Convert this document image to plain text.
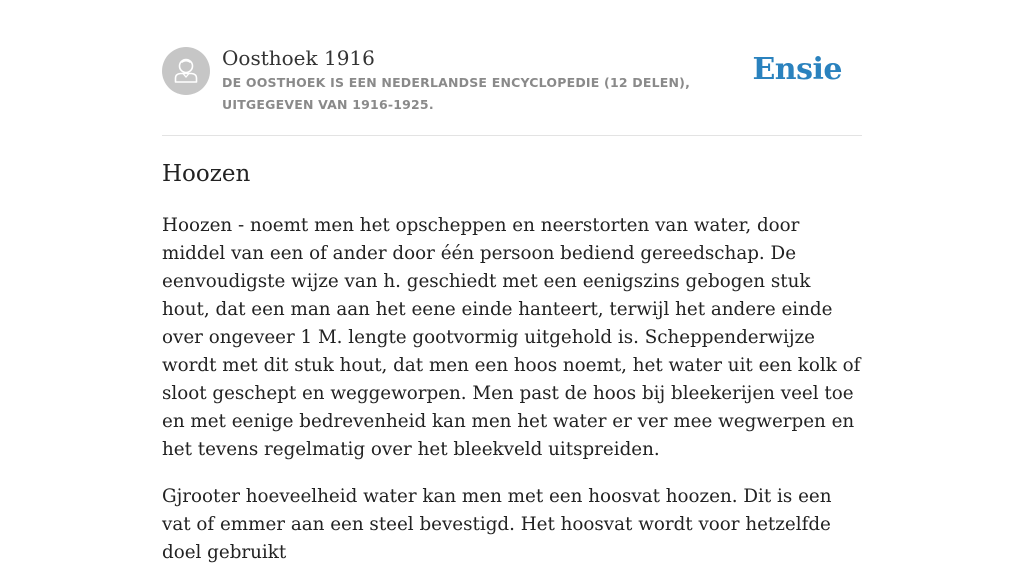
Oosthoek 1916
DE OOSTHOEK IS EEN NEDERLANDSE ENCYCLOPEDIE (12 DELEN), UITGEGEVEN VAN 1916-1925.
Ensie
Hoozen

Hoozen - noemt men het opscheppen en neerstorten van water, door middel van een of ander door één persoon bediend gereedschap. De eenvoudigste wijze van h. geschiedt met een eenigszins gebogen stuk hout, dat een man aan het eene einde hanteert, terwijl het andere einde over ongeveer 1 M. lengte gootvormig uitgehold is. Scheppenderwijze wordt met dit stuk hout, dat men een hoos noemt, het water uit een kolk of sloot geschept en weggeworpen. Men past de hoos bij bleekerijen veel toe en met eenige bedrevenheid kan men het water er ver mee wegwerpen en het tevens regelmatig over het bleekveld uitspreiden.

Gjrooter hoeveelheid water kan men met een hoosvat hoozen. Dit is een vat of emmer aan een steel bevestigd. Het hoosvat wordt voor hetzelfde doel gebruikt
